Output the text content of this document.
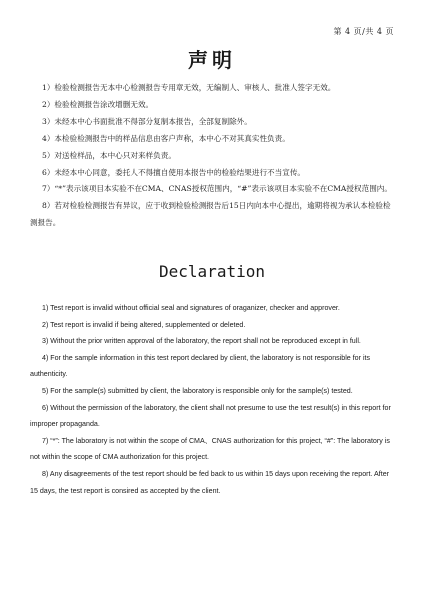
第 4 页/共 4 页
声明

1）检验检测报告无本中心检测报告专用章无效，无编制人、审核人、批准人签字无效。

2）检验检测报告涂改增删无效。

3）未经本中心书面批准不得部分复制本报告，全部复制除外。

4）本检验检测报告中的样品信息由客户声称，本中心不对其真实性负责。

5）对送检样品，本中心只对来样负责。

6）未经本中心同意，委托人不得擅自使用本报告中的检验结果进行不当宣传。

7）“*”表示该项目本实验不在CMA、CNAS授权范围内，“#”表示该项目本实验不在CMA授权范围内。

8）若对检验检测报告有异议，应于收到检验检测报告后15日内向本中心提出，逾期将视为承认本检验检测报告。

Declaration

1) Test report is invalid without official seal and signatures of oraganizer, checker and approver.

2) Test report is invalid if being altered, supplemented or deleted.

3) Without the prior written approval of the laboratory, the report shall not be reproduced except in full.

4) For the sample information in this test report declared by client, the laboratory is not responsible for its authenticity.

5) For the sample(s) submitted by client, the laboratory is responsible only for the sample(s) tested.

6) Without the permission of the laboratory, the client shall not presume to use the test result(s) in this report for improper propaganda.

7) “*”: The laboratory is not within the scope of CMA、CNAS authorization for this project, “#”: The laboratory is not within the scope of CMA authorization for this project.

8) Any disagreements of the test report should be fed back to us within 15 days upon receiving the report. After 15 days, the test report is consired as accepted by the client.
